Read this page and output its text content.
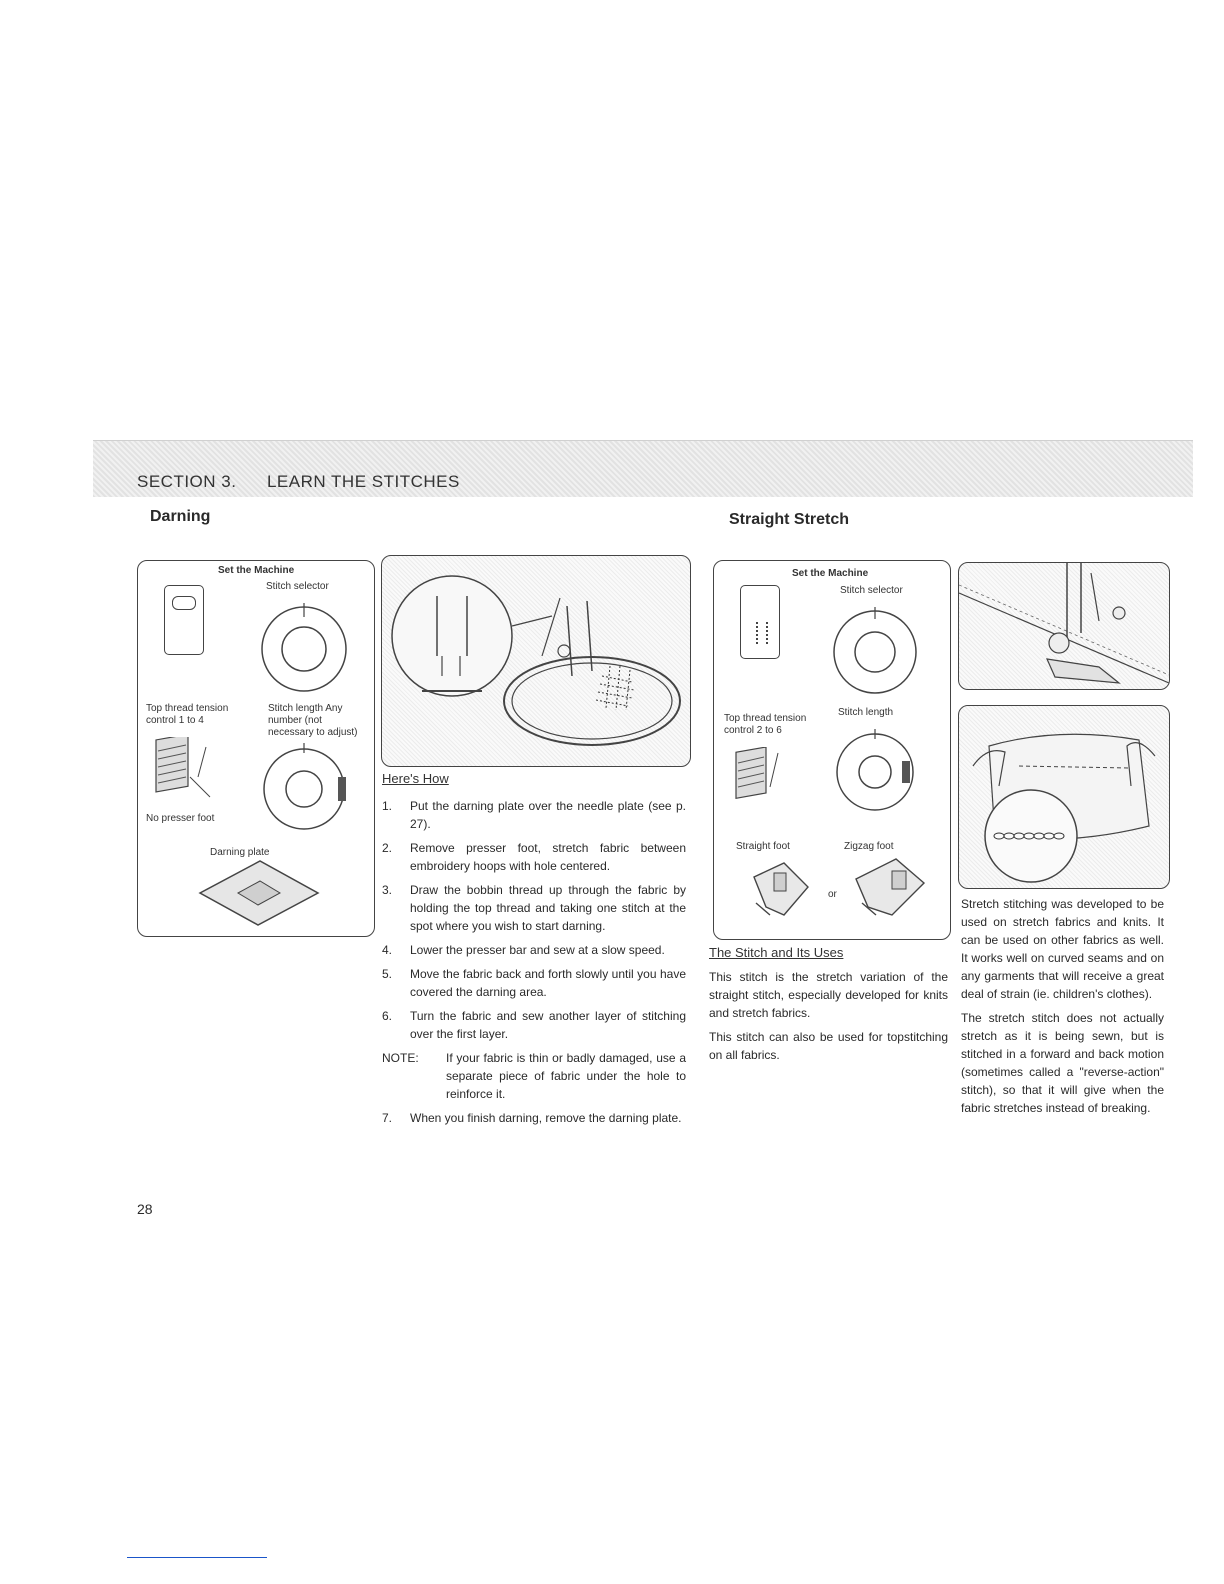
SECTION 3. LEARN THE STITCHES
Darning
Set the Machine
Stitch selector
Top thread tension control 1 to 4
Stitch length Any number (not necessary to adjust)
No presser foot
Darning plate
Here's How
1.	Put the darning plate over the needle plate (see p. 27).
2.	Remove presser foot, stretch fabric between embroidery hoops with hole centered.
3.	Draw the bobbin thread up through the fabric by holding the top thread and taking one stitch at the spot where you wish to start darning.
4.	Lower the presser bar and sew at a slow speed.
5.	Move the fabric back and forth slowly until you have covered the darning area.
6.	Turn the fabric and sew another layer of stitching over the first layer.
NOTE: If your fabric is thin or badly damaged, use a separate piece of fabric under the hole to reinforce it.
7.	When you finish darning, remove the darning plate.
Straight Stretch
Set the Machine
Stitch selector
Top thread tension control 2 to 6
Stitch length
Straight foot	Zigzag foot
or
The Stitch and Its Uses

This stitch is the stretch variation of the straight stitch, especially developed for knits and stretch fabrics.

This stitch can also be used for topstitching on all fabrics.

Stretch stitching was developed to be used on stretch fabrics and knits. It can be used on other fabrics as well. It works well on curved seams and on any garments that will receive a great deal of strain (ie. children's clothes).

The stretch stitch does not actually stretch as it is being sewn, but is stitched in a forward and back motion (sometimes called a "reverse-action" stitch), so that it will give when the fabric stretches instead of breaking.

28
